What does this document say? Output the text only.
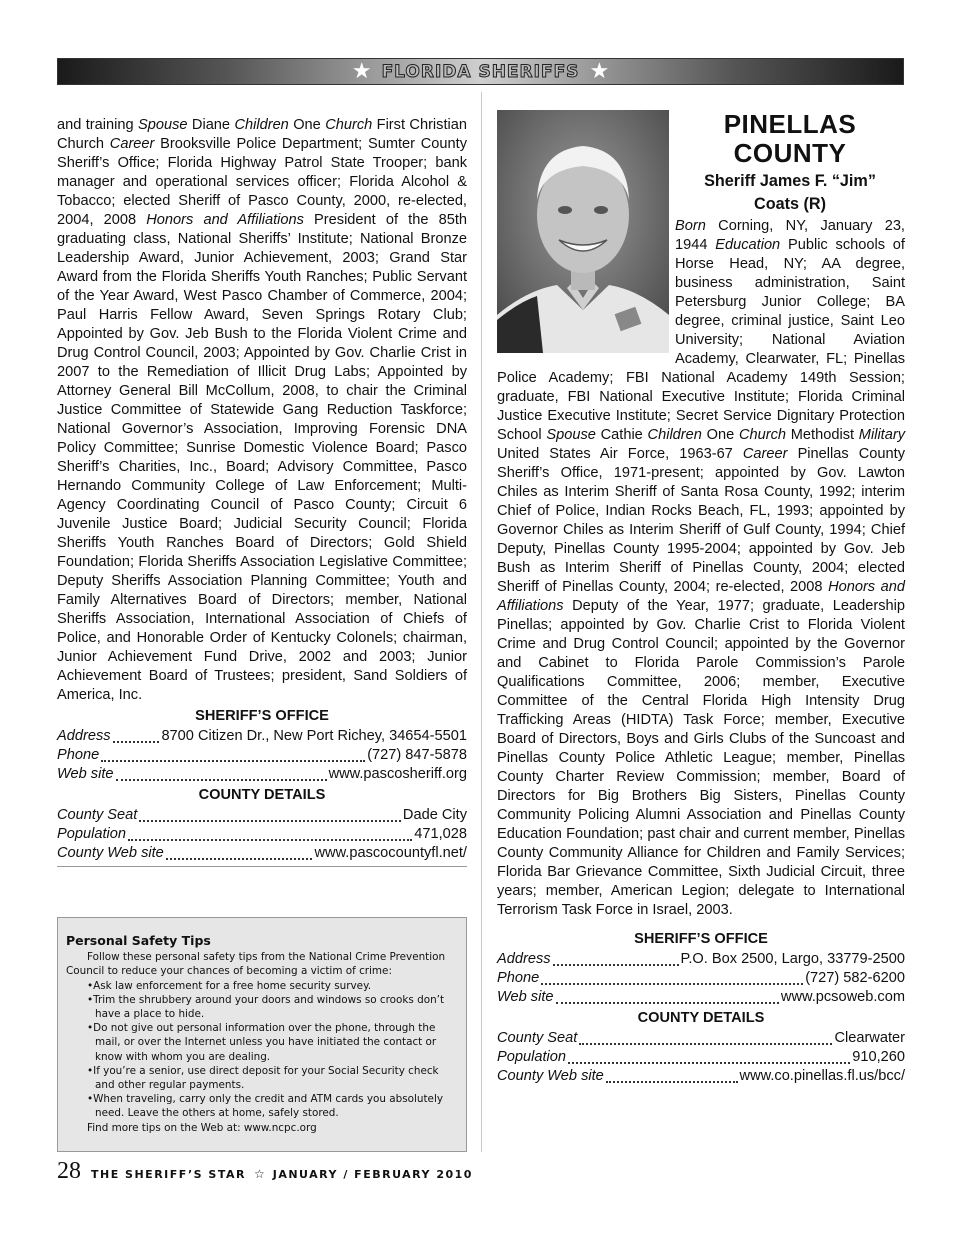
★ FLORIDA SHERIFFS ★

and training Spouse Diane Children One Church First Christian Church Career Brooksville Police Department; Sumter County Sheriff’s Office; Florida Highway Patrol State Trooper; bank manager and operational services officer; Florida Alcohol & Tobacco; elected Sheriff of Pasco County, 2000, re-elected, 2004, 2008 Honors and Affiliations President of the 85th graduating class, National Sheriffs’ Institute; National Bronze Leadership Award, Junior Achievement, 2003; Grand Star Award from the Florida Sheriffs Youth Ranches; Public Servant of the Year Award, West Pasco Chamber of Commerce, 2004; Paul Harris Fellow Award, Seven Springs Rotary Club; Appointed by Gov. Jeb Bush to the Florida Violent Crime and Drug Control Council, 2003; Appointed by Gov. Charlie Crist in 2007 to the Remediation of Illicit Drug Labs; Appointed by Attorney General Bill McCollum, 2008, to chair the Criminal Justice Committee of Statewide Gang Reduction Taskforce; National Governor’s Association, Improving Forensic DNA Policy Committee; Sunrise Domestic Violence Board; Pasco Sheriff’s Charities, Inc., Board; Advisory Committee, Pasco Hernando Community College of Law Enforcement; Multi-Agency Coordinating Council of Pasco County; Circuit 6 Juvenile Justice Board; Judicial Security Council; Florida Sheriffs Youth Ranches Board of Directors; Gold Shield Foundation; Florida Sheriffs Association Legislative Committee; Deputy Sheriffs Association Planning Committee; Youth and Family Alternatives Board of Directors; member, National Sheriffs Association, International Association of Chiefs of Police, and Honorable Order of Kentucky Colonels; chairman, Junior Achievement Fund Drive, 2002 and 2003; Junior Achievement Board of Trustees; president, Sand Soldiers of America, Inc.

SHERIFF’S OFFICE
Address	8700 Citizen Dr., New Port Richey, 34654-5501
Phone	(727) 847-5878
Web site	www.pascosheriff.org
COUNTY DETAILS
County Seat	Dade City
Population	471,028
County Web site	www.pascocountyfl.net/
Personal Safety Tips

Follow these personal safety tips from the National Crime Prevention Council to reduce your chances of becoming a victim of crime:

• Ask law enforcement for a free home security survey.
• Trim the shrubbery around your doors and windows so crooks don’t have a place to hide.
• Do not give out personal information over the phone, through the mail, or over the Internet unless you have initiated the contact or know with whom you are dealing.
• If you’re a senior, use direct deposit for your Social Security check and other regular payments.
• When traveling, carry only the credit and ATM cards you absolutely need. Leave the others at home, safely stored.
Find more tips on the Web at: www.ncpc.org
PINELLAS
COUNTY
Sheriff James F. “Jim”
Coats (R)

Born Corning, NY, January 23, 1944 Education Public schools of Horse Head, NY; AA degree, business administration, Saint Petersburg Junior College; BA degree, criminal justice, Saint Leo University; National Aviation Academy, Clearwater, FL; Pinellas Police Academy; FBI National Academy 149th Session; graduate, FBI National Executive Institute; Florida Criminal Justice Executive Institute; Secret Service Dignitary Protection School Spouse Cathie Children One Church Methodist Military United States Air Force, 1963-67 Career Pinellas County Sheriff’s Office, 1971-present; appointed by Gov. Lawton Chiles as Interim Sheriff of Santa Rosa County, 1992; interim Chief of Police, Indian Rocks Beach, FL, 1993; appointed by Governor Chiles as Interim Sheriff of Gulf County, 1994; Chief Deputy, Pinellas County 1995-2004; appointed by Gov. Jeb Bush as Interim Sheriff of Pinellas County, 2004; elected Sheriff of Pinellas County, 2004; re-elected, 2008 Honors and Affiliations Deputy of the Year, 1977; graduate, Leadership Pinellas; appointed by Gov. Charlie Crist to Florida Violent Crime and Drug Control Council; appointed by the Governor and Cabinet to Florida Parole Commission’s Parole Qualifications Committee, 2006; member, Executive Committee of the Central Florida High Intensity Drug Trafficking Areas (HIDTA) Task Force; member, Executive Board of Directors, Boys and Girls Clubs of the Suncoast and Pinellas County Police Athletic League; member, Pinellas County Charter Review Commission; member, Board of Directors for Big Brothers Big Sisters, Pinellas County Community Policing Alumni Association and Pinellas County Education Foundation; past chair and current member, Pinellas County Community Alliance for Children and Family Services; Florida Bar Grievance Committee, Sixth Judicial Circuit, three years; member, American Legion; delegate to International Terrorism Task Force in Israel, 2003.

SHERIFF’S OFFICE
Address	P.O. Box 2500, Largo, 33779-2500
Phone	(727) 582-6200
Web site	www.pcsoweb.com
COUNTY DETAILS
County Seat	Clearwater
Population	910,260
County Web site	www.co.pinellas.fl.us/bcc/
28 THE SHERIFF’S STAR ☆ JANUARY / FEBRUARY 2010
